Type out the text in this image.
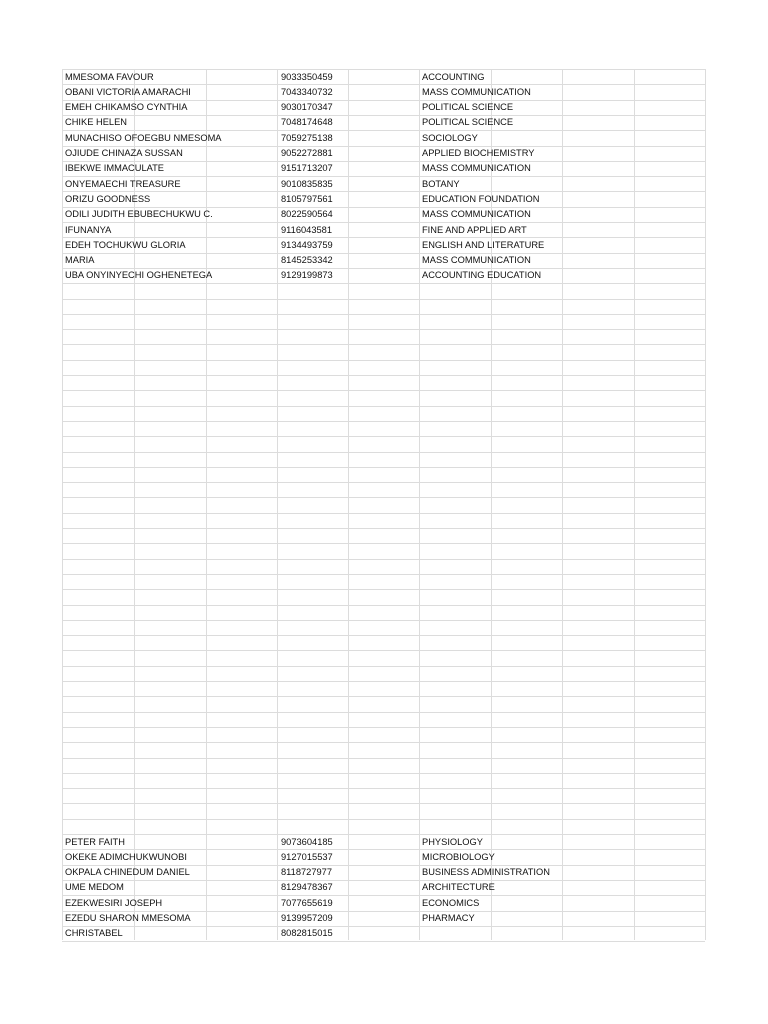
MMESOMA FAVOUR	9033350459	ACCOUNTING
OBANI VICTORIA AMARACHI	7043340732	MASS COMMUNICATION
EMEH CHIKAMSO CYNTHIA	9030170347	POLITICAL SCIENCE
CHIKE HELEN	7048174648	POLITICAL SCIENCE
MUNACHISO OFOEGBU NMESOMA	7059275138	SOCIOLOGY
OJIUDE CHINAZA SUSSAN	9052272881	APPLIED BIOCHEMISTRY
IBEKWE IMMACULATE	9151713207	MASS COMMUNICATION
ONYEMAECHI TREASURE	9010835835	BOTANY
ORIZU GOODNESS	8105797561	EDUCATION FOUNDATION
ODILI JUDITH EBUBECHUKWU C.	8022590564	MASS COMMUNICATION
IFUNANYA	9116043581	FINE AND APPLIED ART
EDEH TOCHUKWU GLORIA	9134493759	ENGLISH AND LITERATURE
MARIA	8145253342	MASS COMMUNICATION
UBA ONYINYECHI OGHENETEGA	9129199873	ACCOUNTING EDUCATION
PETER FAITH	9073604185	PHYSIOLOGY
OKEKE ADIMCHUKWUNOBI	9127015537	MICROBIOLOGY
OKPALA CHINEDUM DANIEL	8118727977	BUSINESS ADMINISTRATION
UME MEDOM	8129478367	ARCHITECTURE
EZEKWESIRI JOSEPH	7077655619	ECONOMICS
EZEDU SHARON MMESOMA	9139957209	PHARMACY
CHRISTABEL	8082815015
